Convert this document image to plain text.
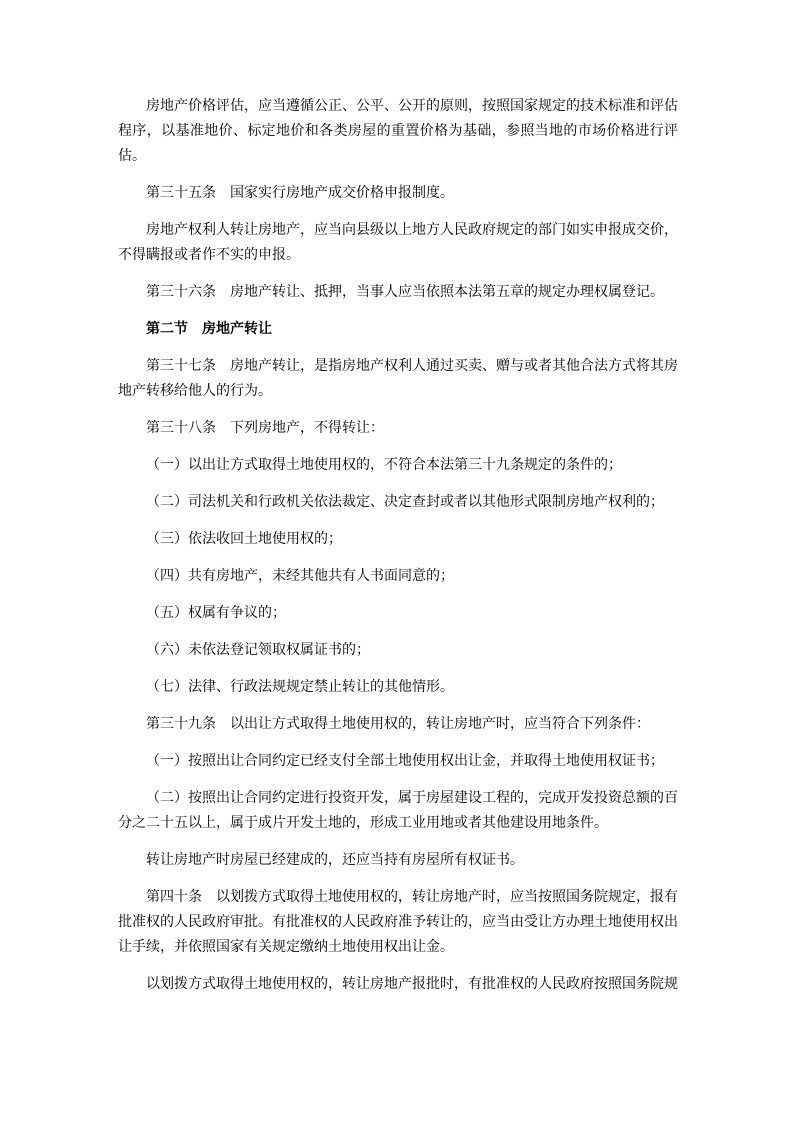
房地产价格评估，应当遵循公正、公平、公开的原则，按照国家规定的技术标准和评估程序，以基准地价、标定地价和各类房屋的重置价格为基础，参照当地的市场价格进行评估。

第三十五条　国家实行房地产成交价格申报制度。

房地产权利人转让房地产，应当向县级以上地方人民政府规定的部门如实申报成交价，不得瞒报或者作不实的申报。

第三十六条　房地产转让、抵押，当事人应当依照本法第五章的规定办理权属登记。

第二节　房地产转让

第三十七条　房地产转让，是指房地产权利人通过买卖、赠与或者其他合法方式将其房地产转移给他人的行为。

第三十八条　下列房地产，不得转让：

（一）以出让方式取得土地使用权的，不符合本法第三十九条规定的条件的；

（二）司法机关和行政机关依法裁定、决定查封或者以其他形式限制房地产权利的；

（三）依法收回土地使用权的；

（四）共有房地产，未经其他共有人书面同意的；

（五）权属有争议的；

（六）未依法登记领取权属证书的；

（七）法律、行政法规规定禁止转让的其他情形。

第三十九条　以出让方式取得土地使用权的，转让房地产时，应当符合下列条件：

（一）按照出让合同约定已经支付全部土地使用权出让金，并取得土地使用权证书；

（二）按照出让合同约定进行投资开发，属于房屋建设工程的，完成开发投资总额的百分之二十五以上，属于成片开发土地的，形成工业用地或者其他建设用地条件。

转让房地产时房屋已经建成的，还应当持有房屋所有权证书。

第四十条　以划拨方式取得土地使用权的，转让房地产时，应当按照国务院规定，报有批准权的人民政府审批。有批准权的人民政府准予转让的，应当由受让方办理土地使用权出让手续，并依照国家有关规定缴纳土地使用权出让金。

以划拨方式取得土地使用权的，转让房地产报批时，有批准权的人民政府按照国务院规
